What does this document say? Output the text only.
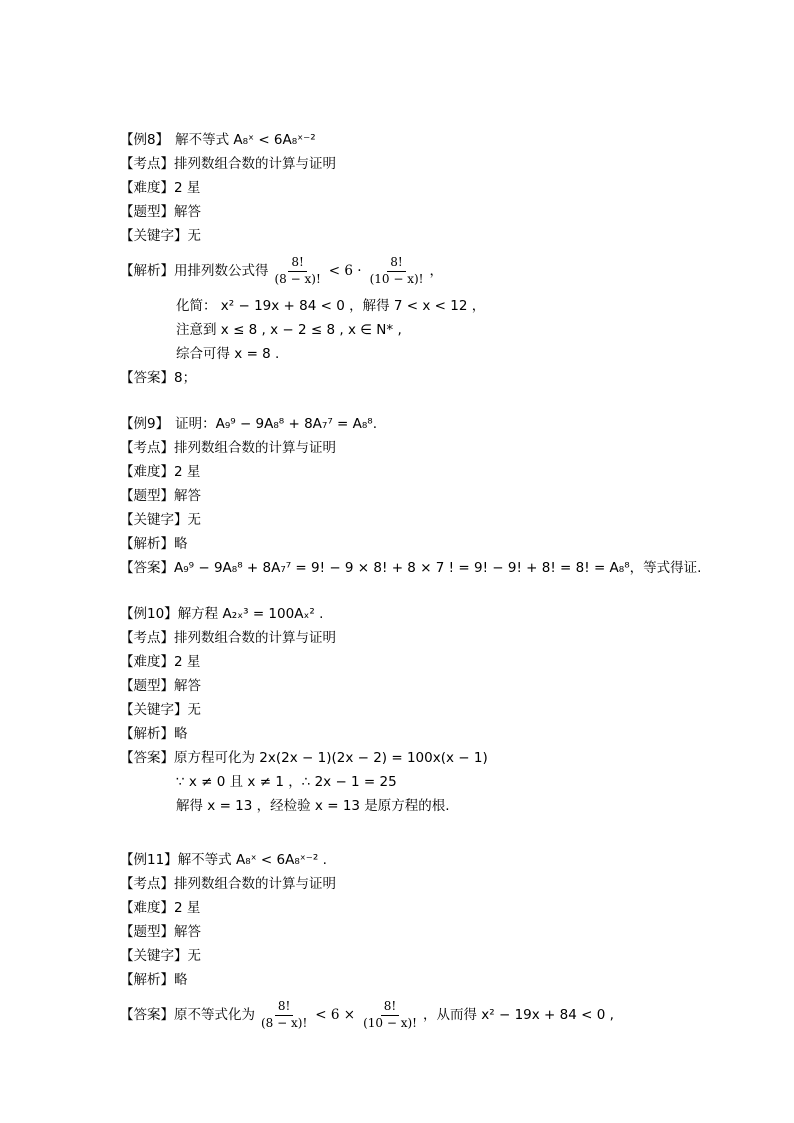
【例8】 解不等式 A₈ˣ < 6A₈ˣ⁻²
【考点】 排列数组合数的计算与证明
【难度】 2 星
【题型】 解答
【关键字】 无
【解析】 用排列数公式得 $\frac{8!}{(8 - x)!} < 6 \cdot \frac{8!}{(10 - x)!}$ ，
化简： x² − 19x + 84 < 0 ，解得 7 < x < 12 ，
注意到 x ≤ 8 , x − 2 ≤ 8 , x ∈ N* ,
综合可得 x = 8 .
【答案】 8；
【例9】 证明：A₉⁹ − 9A₈⁸ + 8A₇⁷ = A₈⁸.
【考点】 排列数组合数的计算与证明
【难度】 2 星
【题型】 解答
【关键字】 无
【解析】 略
【答案】 A₉⁹ − 9A₈⁸ + 8A₇⁷ = 9! − 9 × 8! + 8 × 7 ! = 9! − 9! + 8! = 8! = A₈⁸，等式得证.
【例10】 解方程 A₂ₓ³ = 100Aₓ² .
【考点】 排列数组合数的计算与证明
【难度】 2 星
【题型】 解答
【关键字】 无
【解析】 略
【答案】 原方程可化为 2x(2x − 1)(2x − 2) = 100x(x − 1)
∵ x ≠ 0 且 x ≠ 1 ，∴ 2x − 1 = 25
解得 x = 13 ，经检验 x = 13 是原方程的根.
【例11】 解不等式 A₈ˣ < 6A₈ˣ⁻² .
【考点】 排列数组合数的计算与证明
【难度】 2 星
【题型】 解答
【关键字】 无
【解析】 略
【答案】 原不等式化为 $\frac{8!}{(8 - x)!} < 6 \times \frac{8!}{(10 - x)!}$ ，从而得 x² − 19x + 84 < 0 ,
